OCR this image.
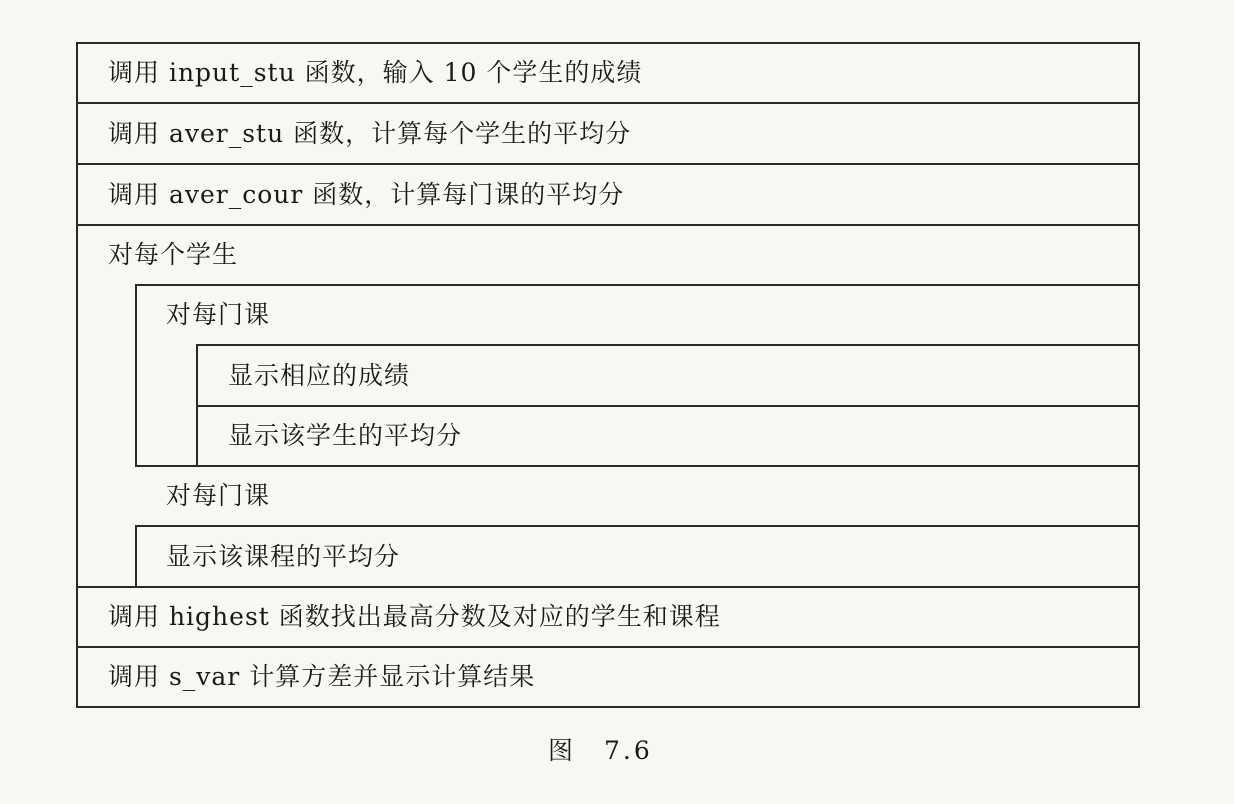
调用 input_stu 函数，输入 10 个学生的成绩
调用 aver_stu 函数，计算每个学生的平均分
调用 aver_cour 函数，计算每门课的平均分
对每个学生
对每门课
显示相应的成绩
显示该学生的平均分
对每门课
显示该课程的平均分
调用 highest 函数找出最高分数及对应的学生和课程
调用 s_var 计算方差并显示计算结果
图　7.6
